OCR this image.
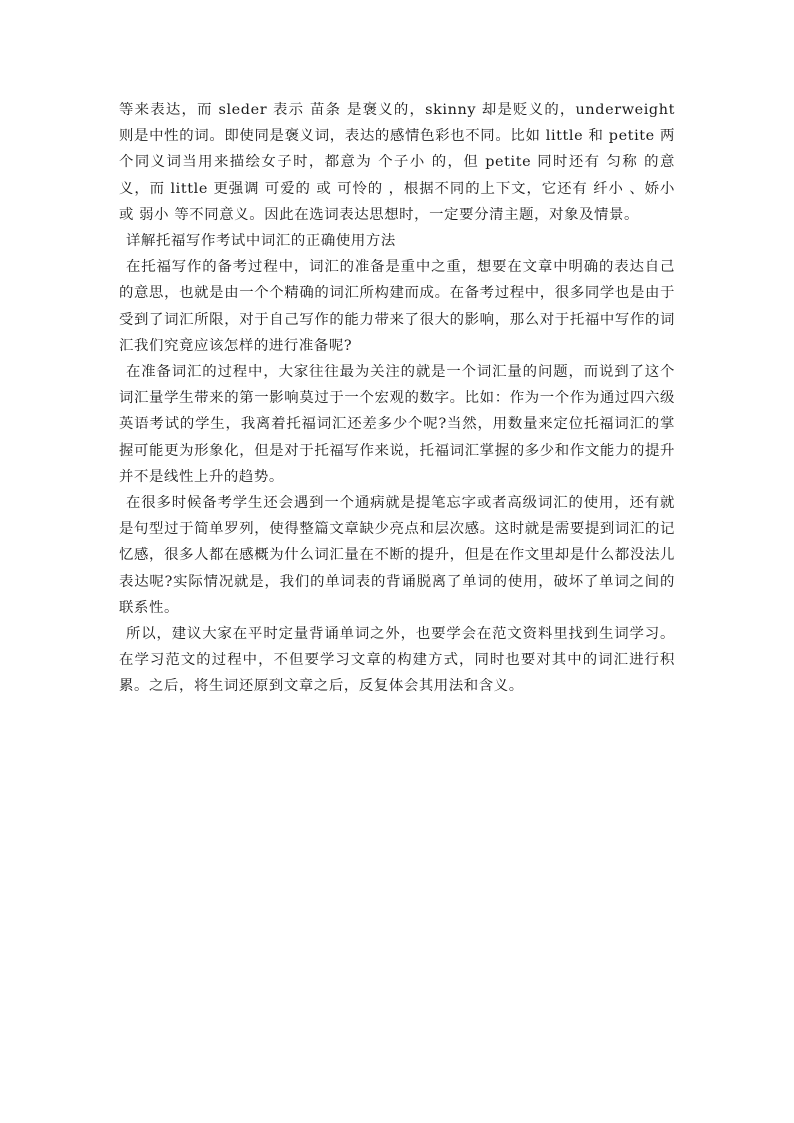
等来表达，而 sleder 表示 苗条 是褒义的，skinny 却是贬义的，underweight 则是中性的词。即使同是褒义词，表达的感情色彩也不同。比如 little 和 petite 两个同义词当用来描绘女子时，都意为 个子小 的，但 petite 同时还有 匀称 的意义，而 little 更强调 可爱的 或 可怜的 ，根据不同的上下文，它还有 纤小 、娇小 或 弱小 等不同意义。因此在选词表达思想时，一定要分清主题，对象及情景。

详解托福写作考试中词汇的正确使用方法

在托福写作的备考过程中，词汇的准备是重中之重，想要在文章中明确的表达自己的意思，也就是由一个个精确的词汇所构建而成。在备考过程中，很多同学也是由于受到了词汇所限，对于自己写作的能力带来了很大的影响，那么对于托福中写作的词汇我们究竟应该怎样的进行准备呢?

在准备词汇的过程中，大家往往最为关注的就是一个词汇量的问题，而说到了这个词汇量学生带来的第一影响莫过于一个宏观的数字。比如：作为一个作为通过四六级英语考试的学生，我离着托福词汇还差多少个呢?当然，用数量来定位托福词汇的掌握可能更为形象化，但是对于托福写作来说，托福词汇掌握的多少和作文能力的提升并不是线性上升的趋势。

在很多时候备考学生还会遇到一个通病就是提笔忘字或者高级词汇的使用，还有就是句型过于简单罗列，使得整篇文章缺少亮点和层次感。这时就是需要提到词汇的记忆感，很多人都在感概为什么词汇量在不断的提升，但是在作文里却是什么都没法儿表达呢?实际情况就是，我们的单词表的背诵脱离了单词的使用，破坏了单词之间的联系性。

所以，建议大家在平时定量背诵单词之外，也要学会在范文资料里找到生词学习。在学习范文的过程中，不但要学习文章的构建方式，同时也要对其中的词汇进行积累。之后，将生词还原到文章之后，反复体会其用法和含义。
